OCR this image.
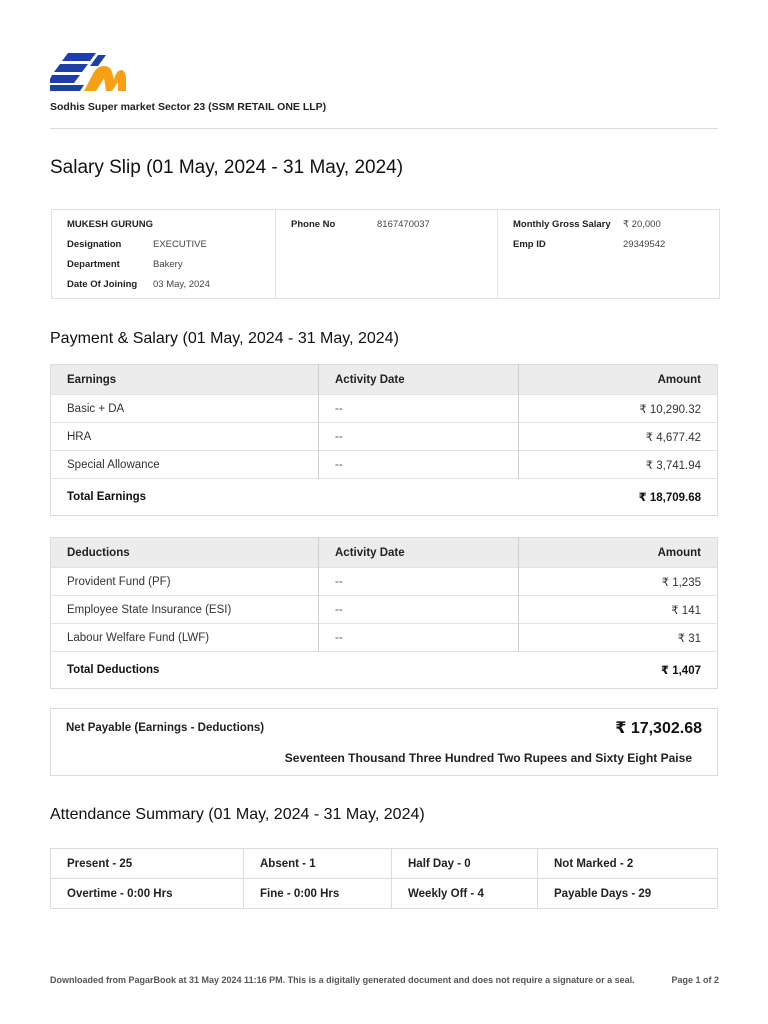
Sodhis Super market Sector 23 (SSM RETAIL ONE LLP)
Salary Slip (01 May, 2024 - 31 May, 2024)
MUKESH GURUNG
Designation	EXECUTIVE
Department	Bakery
Date Of Joining	03 May, 2024
Phone No	8167470037	Monthly Gross Salary	₹ 20,000
Emp ID	29349542
Payment & Salary (01 May, 2024 - 31 May, 2024)
Earnings	Activity Date	Amount
Basic + DA	--	₹ 10,290.32
HRA	--	₹ 4,677.42
Special Allowance	--	₹ 3,741.94
Total Earnings		₹ 18,709.68
Deductions	Activity Date	Amount
Provident Fund (PF)	--	₹ 1,235
Employee State Insurance (ESI)	--	₹ 141
Labour Welfare Fund (LWF)	--	₹ 31
Total Deductions		₹ 1,407
Net Payable (Earnings - Deductions)	₹ 17,302.68
Seventeen Thousand Three Hundred Two Rupees and Sixty Eight Paise
Attendance Summary (01 May, 2024 - 31 May, 2024)
Present - 25	Absent - 1	Half Day - 0	Not Marked - 2
Overtime - 0:00 Hrs	Fine - 0:00 Hrs	Weekly Off - 4	Payable Days - 29
Downloaded from PagarBook at 31 May 2024 11:16 PM. This is a digitally generated document and does not require a signature or a seal.	Page 1 of 2
